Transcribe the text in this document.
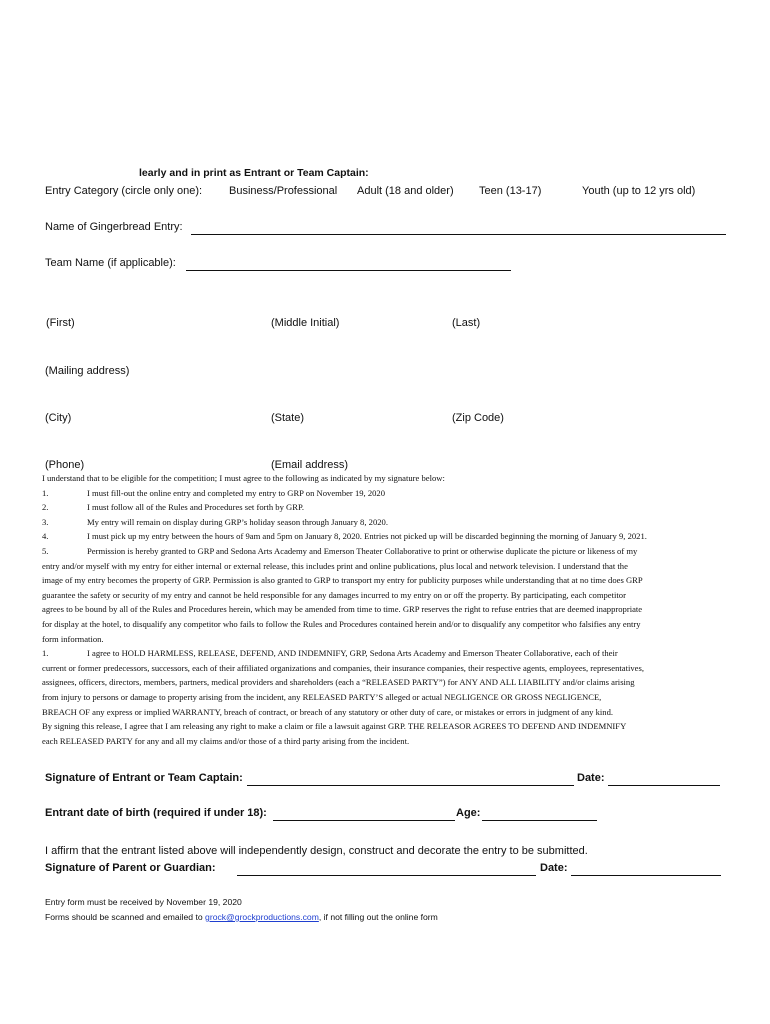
learly and in print as Entrant or Team Captain:
Entry Category (circle only one): Business/Professional Adult (18 and older) Teen (13-17)	Youth (up to 12 yrs old)
Name of Gingerbread Entry:
Team Name (if applicable):
(First)	(Middle Initial)	(Last)
(Mailing address)
(City)	(State)	(Zip Code)
(Phone)	(Email address)
I understand that to be eligible for the competition; I must agree to the following as indicated by my signature below:
1.	I must fill-out the online entry and completed my entry to GRP on November 19, 2020
2.	I must follow all of the Rules and Procedures set forth by GRP.
3.	My entry will remain on display during GRP’s holiday season through January 8, 2020.
4.	I must pick up my entry between the hours of 9am and 5pm on January 8, 2020. Entries not picked up will be discarded beginning the morning of January 9, 2021.
5.	Permission is hereby granted to GRP and Sedona Arts Academy and Emerson Theater Collaborative to print or otherwise duplicate the picture or likeness of my
entry and/or myself with my entry for either internal or external release, this includes print and online publications, plus local and network television. I understand that the
image of my entry becomes the property of GRP. Permission is also granted to GRP to transport my entry for publicity purposes while understanding that at no time does GRP
guarantee the safety or security of my entry and cannot be held responsible for any damages incurred to my entry on or off the property. By participating, each competitor
agrees to be bound by all of the Rules and Procedures herein, which may be amended from time to time. GRP reserves the right to refuse entries that are deemed inappropriate
for display at the hotel, to disqualify any competitor who fails to follow the Rules and Procedures contained herein and/or to disqualify any competitor who falsifies any entry
form information.
1.	I agree to HOLD HARMLESS, RELEASE, DEFEND, AND INDEMNIFY, GRP, Sedona Arts Academy and Emerson Theater Collaborative, each of their
current or former predecessors, successors, each of their affiliated organizations and companies, their insurance companies, their respective agents, employees, representatives,
assignees, officers, directors, members, partners, medical providers and shareholders (each a “RELEASED PARTY”) for ANY AND ALL LIABILITY and/or claims arising
from injury to persons or damage to property arising from the incident, any RELEASED PARTY’S alleged or actual NEGLIGENCE OR GROSS NEGLIGENCE,
BREACH OF any express or implied WARRANTY, breach of contract, or breach of any statutory or other duty of care, or mistakes or errors in judgment of any kind.
By signing this release, I agree that I am releasing any right to make a claim or file a lawsuit against GRP. THE RELEASOR AGREES TO DEFEND AND INDEMNIFY
each RELEASED PARTY for any and all my claims and/or those of a third party arising from the incident.
Signature of Entrant or Team Captain:	Date:
Entrant date of birth (required if under 18):	Age:
I affirm that the entrant listed above will independently design, construct and decorate the entry to be submitted.
Signature of Parent or Guardian:	Date:
Entry form must be received by November 19, 2020
Forms should be scanned and emailed to grock@grockproductions.com, if not filling out the online form
